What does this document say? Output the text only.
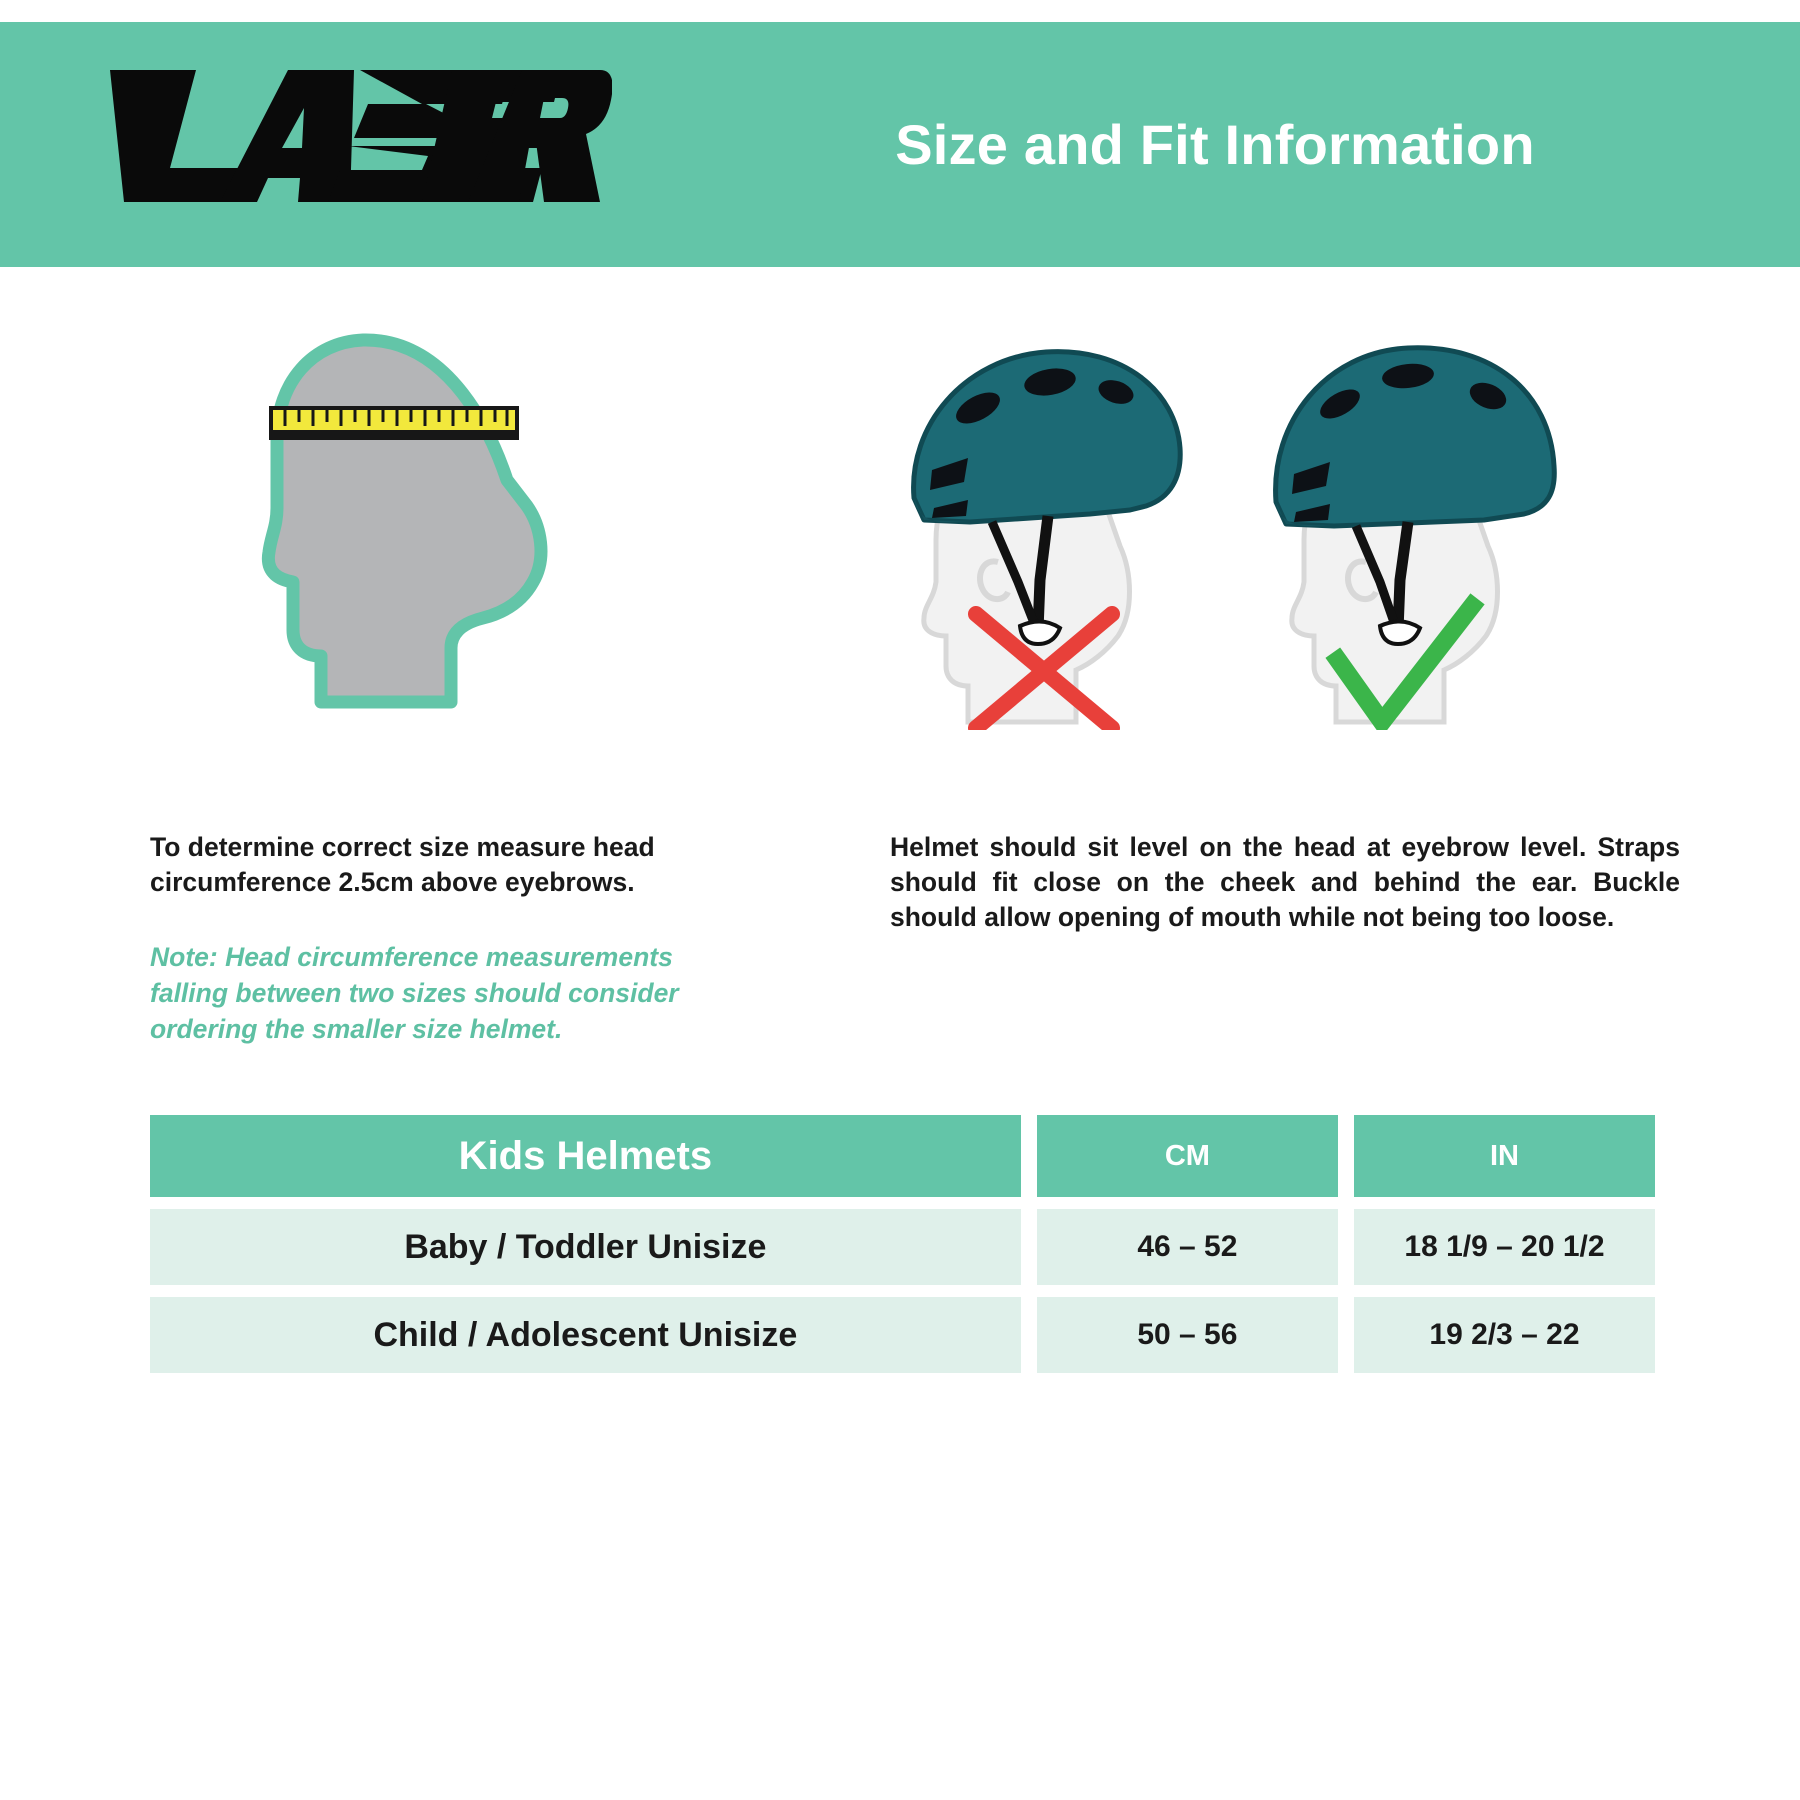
Size and Fit Information

To determine correct size measure head circumference 2.5cm above eyebrows.

Note: Head circumference measurements falling between two sizes should consider ordering the smaller size helmet.

Helmet should sit level on the head at eyebrow level. Straps should fit close on the cheek and behind the ear. Buckle should allow opening of mouth while not being too loose.

Kids Helmets		CM		IN

Baby / Toddler Unisize		46 – 52		18 1/9 – 20 1/2

Child / Adolescent Unisize		50 – 56		19 2/3 – 22
